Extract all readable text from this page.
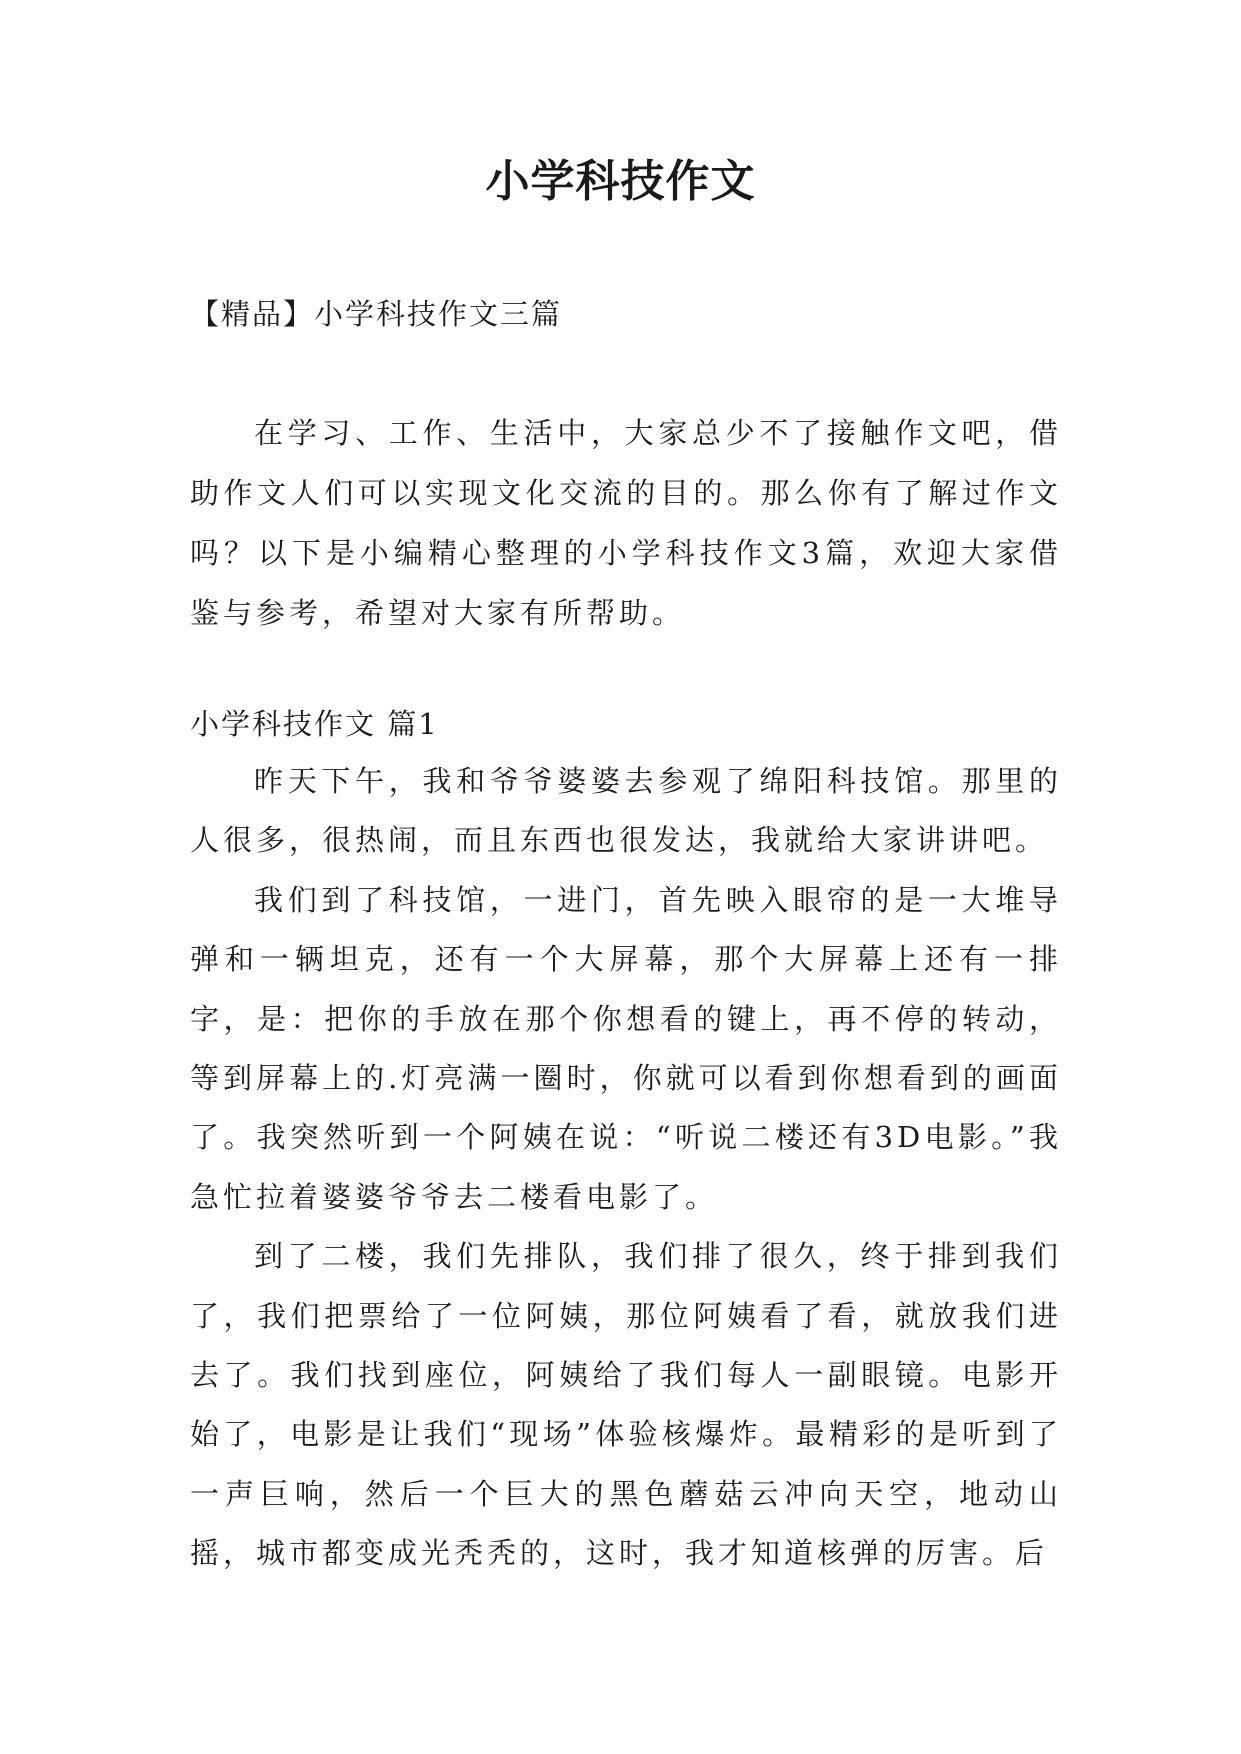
小学科技作文

【精品】小学科技作文三篇

在学习、工作、生活中，大家总少不了接触作文吧，借助作文人们可以实现文化交流的目的。那么你有了解过作文吗？以下是小编精心整理的小学科技作文3篇，欢迎大家借鉴与参考，希望对大家有所帮助。

小学科技作文 篇1

昨天下午，我和爷爷婆婆去参观了绵阳科技馆。那里的人很多，很热闹，而且东西也很发达，我就给大家讲讲吧。

我们到了科技馆，一进门，首先映入眼帘的是一大堆导弹和一辆坦克，还有一个大屏幕，那个大屏幕上还有一排字，是：把你的手放在那个你想看的键上，再不停的转动，等到屏幕上的.灯亮满一圈时，你就可以看到你想看到的画面了。我突然听到一个阿姨在说：“听说二楼还有3D电影。”我急忙拉着婆婆爷爷去二楼看电影了。

到了二楼，我们先排队，我们排了很久，终于排到我们了，我们把票给了一位阿姨，那位阿姨看了看，就放我们进去了。我们找到座位，阿姨给了我们每人一副眼镜。电影开始了，电影是让我们“现场”体验核爆炸。最精彩的是听到了一声巨响，然后一个巨大的黑色蘑菇云冲向天空，地动山摇，城市都变成光秃秃的，这时，我才知道核弹的厉害。后
